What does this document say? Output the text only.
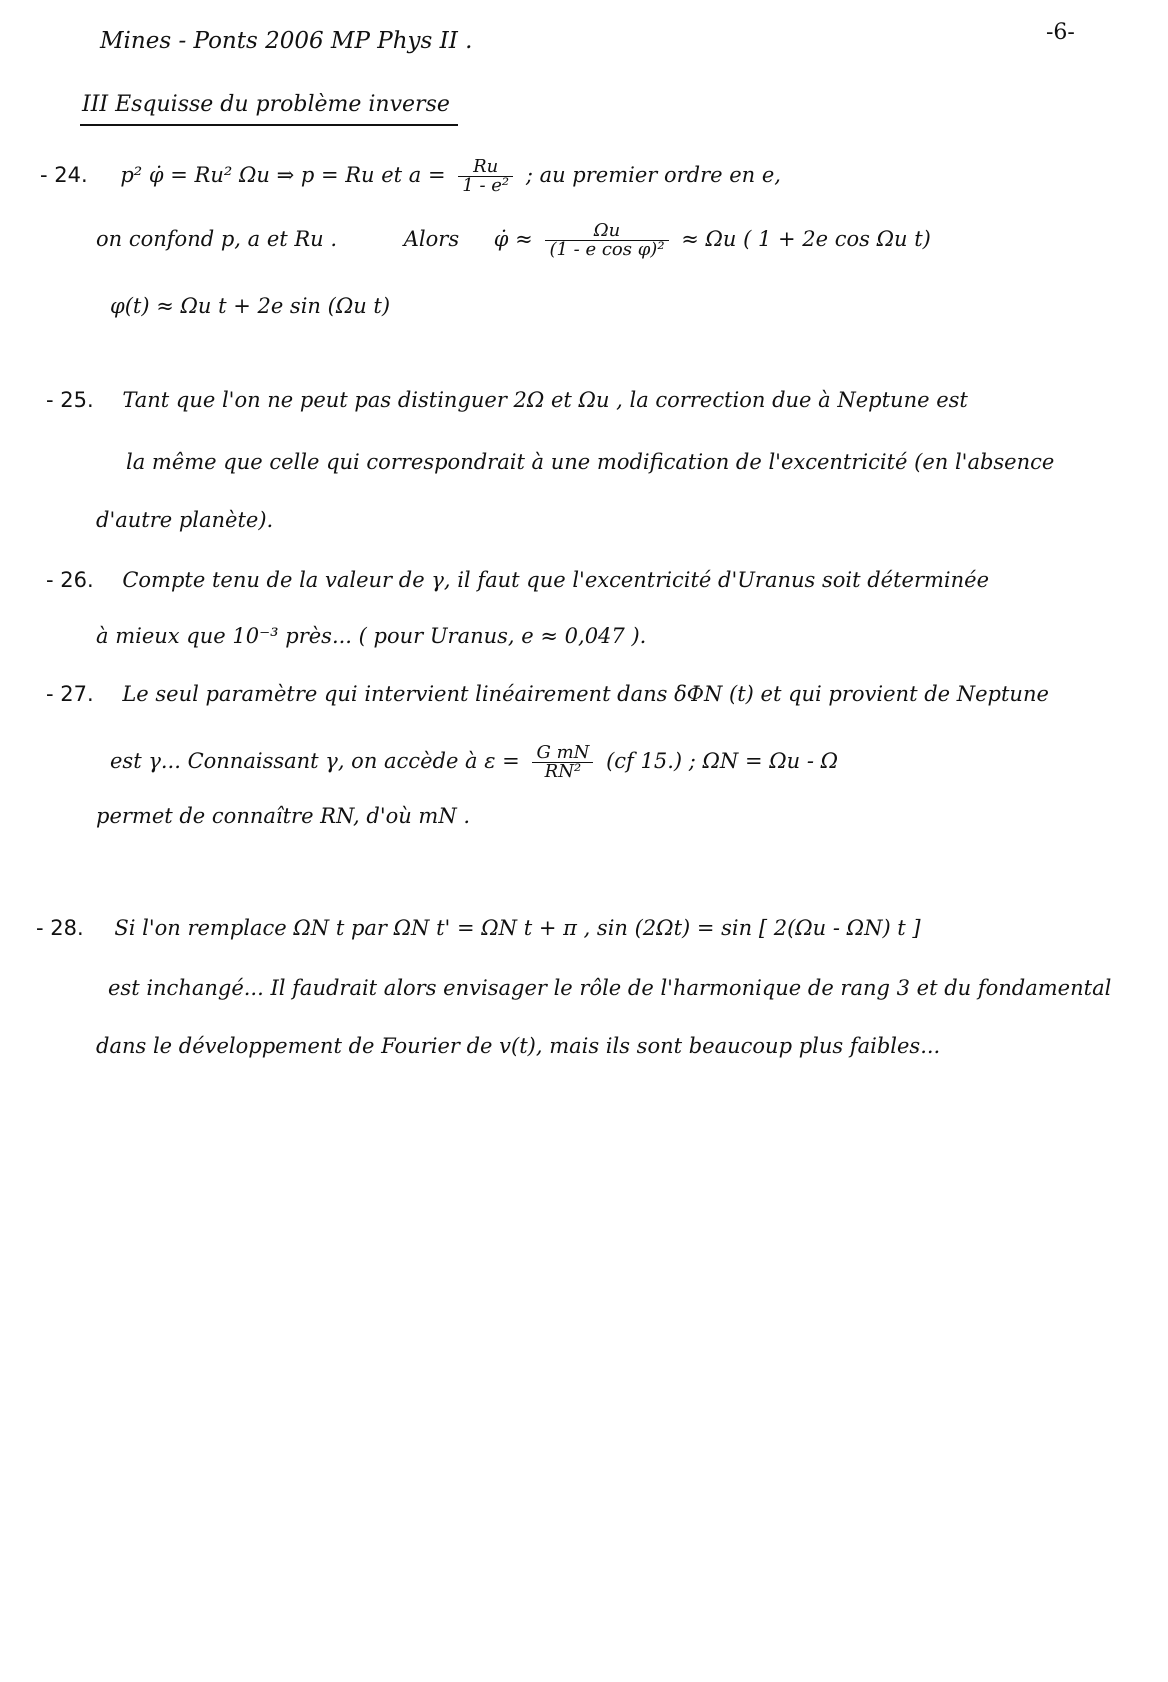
Mines - Ponts 2006 MP Phys II .	-6-
III Esquisse du problème inverse
- 24. p² φ̇ = Ru² Ωu ⇒ p = Ru et $a = \frac{Ru}{\text{1 - e²}}$ ; au premier ordre en e,
on confond p, a et Ru .	Alors φ̇ ≈ $\frac{\Omega u}{\text{(1 - e cos φ)²}} \approx \Omega u$ ( 1 + 2e cos Ωu t)
φ(t) ≈ Ωu t + 2e sin (Ωu t)
- 25. Tant que l'on ne peut pas distinguer 2Ω et Ωu , la correction due à Neptune est
la même que celle qui correspondrait à une modification de l'excentricité (en l'absence
d'autre planète).
- 26. Compte tenu de la valeur de γ, il faut que l'excentricité d'Uranus soit déterminée
à mieux que 10⁻³ près... ( pour Uranus, e ≈ 0,047 ).
- 27. Le seul paramètre qui intervient linéairement dans δΦN (t) et qui provient de Neptune
est γ... Connaissant γ, on accède à $\varepsilon = \frac{\text{G mN}}{\text{RN²}} (cf$ 15.) ; ΩN = Ωu - Ω
permet de connaître RN, d'où mN .
- 28. Si l'on remplace ΩN t par ΩN t' = ΩN t + π , sin (2Ωt) = sin [ 2(Ωu - ΩN) t ]
est inchangé... Il faudrait alors envisager le rôle de l'harmonique de rang 3 et du fondamental
dans le développement de Fourier de v(t), mais ils sont beaucoup plus faibles...
